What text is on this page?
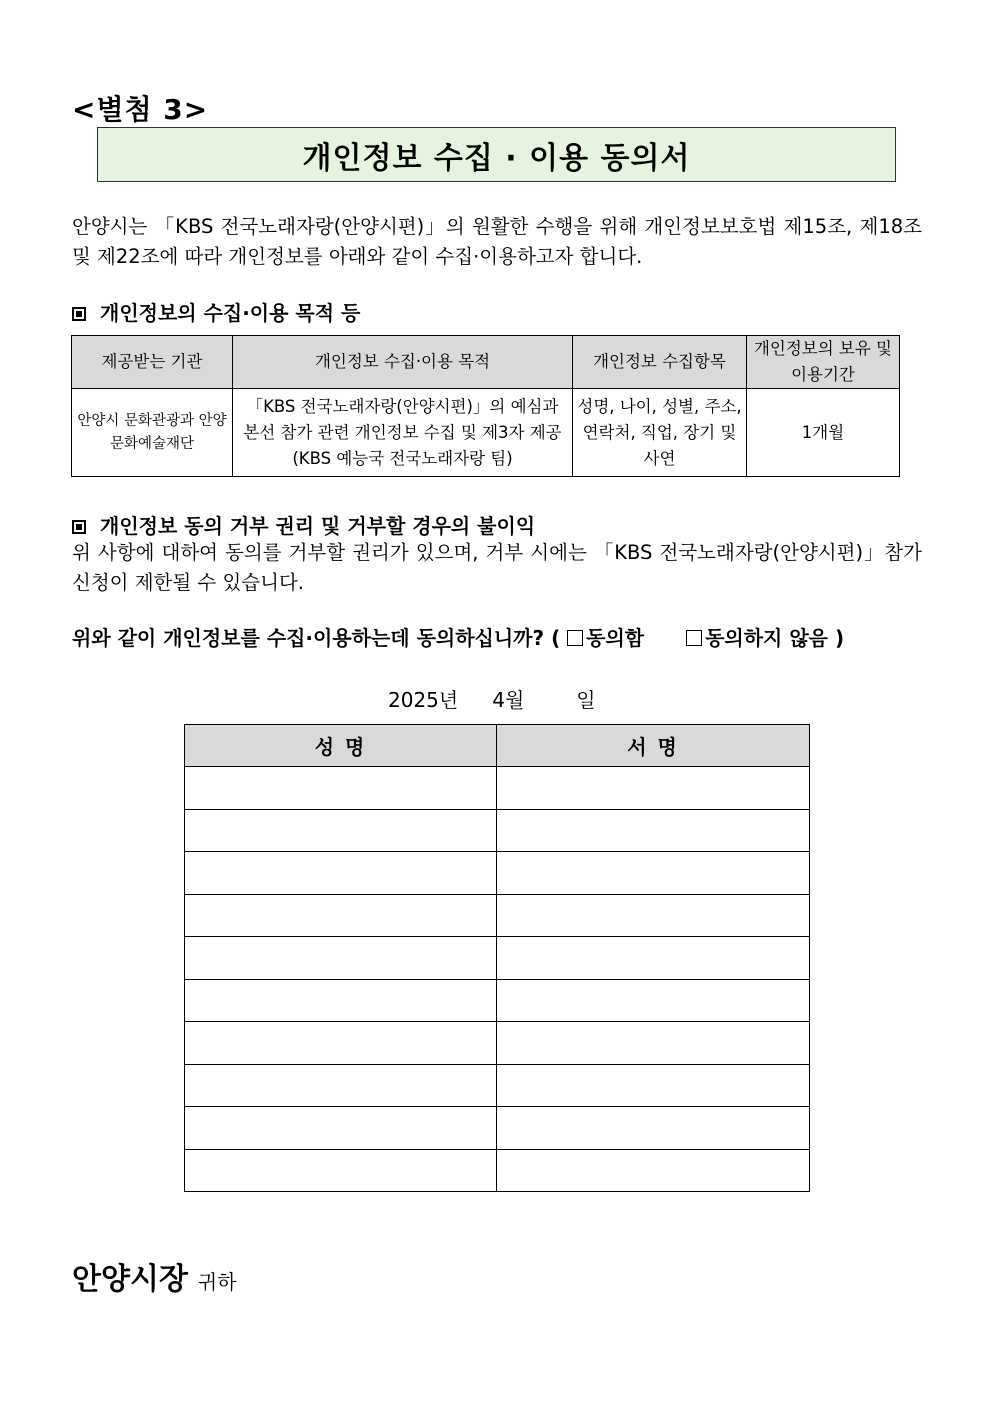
<별첨 3>
개인정보 수집 · 이용 동의서
안양시는 「KBS 전국노래자랑(안양시편)」의 원활한 수행을 위해 개인정보보호법 제15조, 제18조 및 제22조에 따라 개인정보를 아래와 같이 수집·이용하고자 합니다.
개인정보의 수집·이용 목적 등
제공받는 기관	개인정보 수집·이용 목적	개인정보 수집항목	개인정보의 보유 및 이용기간
안양시 문화관광과 안양문화예술재단	「KBS 전국노래자랑(안양시편)」의 예심과 본선 참가 관련 개인정보 수집 및 제3자 제공 (KBS 예능국 전국노래자랑 팀)	성명, 나이, 성별, 주소, 연락처, 직업, 장기 및 사연	1개월
개인정보 동의 거부 권리 및 거부할 경우의 불이익
위 사항에 대하여 동의를 거부할 권리가 있으며, 거부 시에는 「KBS 전국노래자랑(안양시편)」참가 신청이 제한될 수 있습니다.
위와 같이 개인정보를 수집·이용하는데 동의하십니까? ( 동의함	동의하지 않음 )
2025년 4월	일
성 명	서 명

안양시장 귀하
